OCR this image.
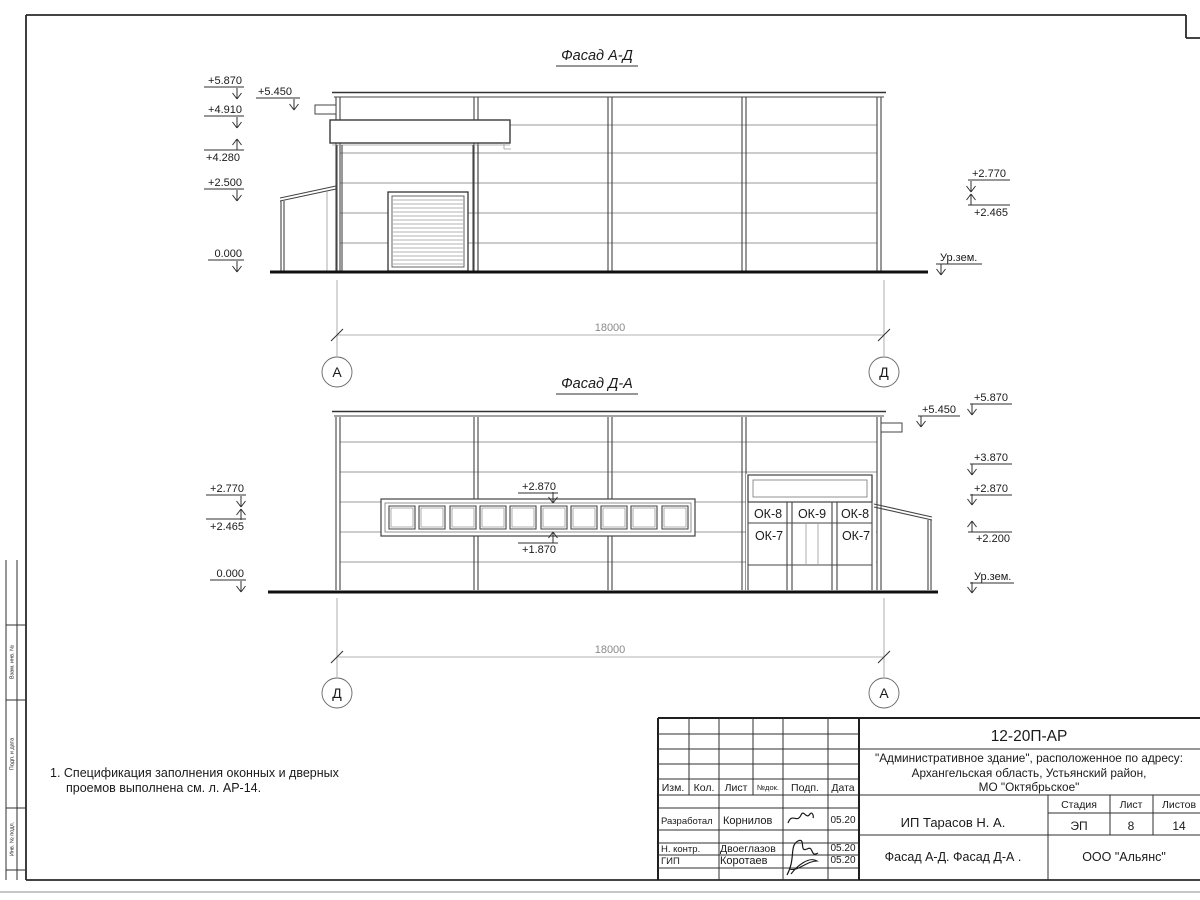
Взам. инв. №
Подп. и дата
Инв. № подл.
Фасад А-Д
+5.870
+4.910
+4.280
+2.500
0.000
+5.450
+2.770
+2.465
Ур.зем.
18000
А	Д
Фасад Д-А
ОК-8 ОК-9 ОК-8
ОК-7	ОК-7
+2.770
+2.465
0.000
+2.870
+1.870
+5.870
+5.450
+3.870
+2.870
+2.200
Ур.зем.
18000
Д	А
1. Спецификация заполнения оконных и дверных
проемов выполнена см. л. АР-14.
12-20П-АР
"Административное здание", расположенное по адресу:
Архангельская область, Устьянский район,
МО "Октябрьское"
Изм. Кол. Лист №док. Подп. Дата
Разработал Корнилов	05.20
Н. контр. Двоеглазов	05.20
ГИП	Коротаев	05.20
ИП Тарасов Н. А.
Стадия Лист Листов
ЭП	8	14
Фасад А-Д. Фасад Д-А .	ООО "Альянс"
